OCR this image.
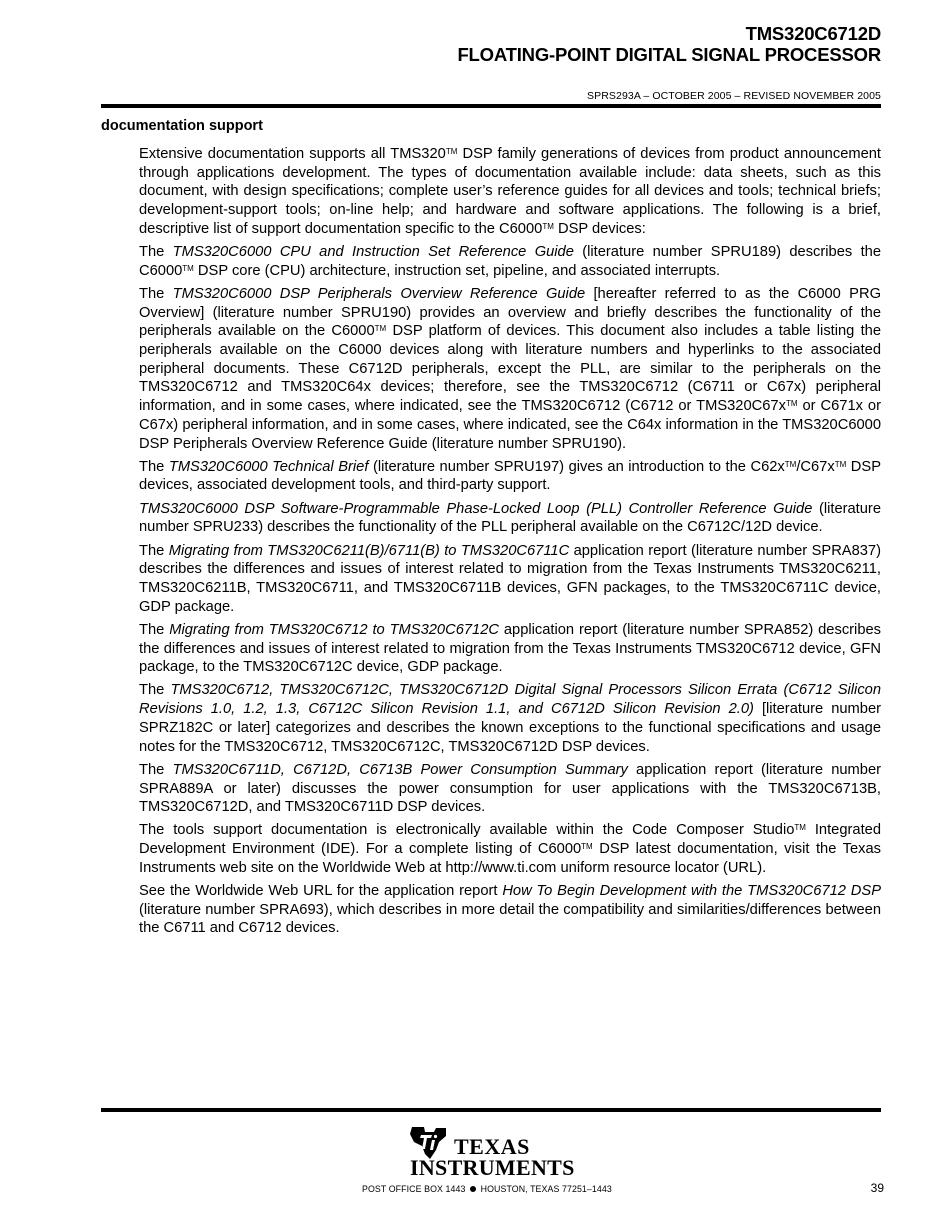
TMS320C6712D
FLOATING-POINT DIGITAL SIGNAL PROCESSOR
SPRS293A – OCTOBER 2005 – REVISED NOVEMBER 2005
documentation support

Extensive documentation supports all TMS320™ DSP family generations of devices from product announcement through applications development. The types of documentation available include: data sheets, such as this document, with design specifications; complete user’s reference guides for all devices and tools; technical briefs; development-support tools; on-line help; and hardware and software applications. The following is a brief, descriptive list of support documentation specific to the C6000™ DSP devices:

The TMS320C6000 CPU and Instruction Set Reference Guide (literature number SPRU189) describes the C6000™ DSP core (CPU) architecture, instruction set, pipeline, and associated interrupts.

The TMS320C6000 DSP Peripherals Overview Reference Guide [hereafter referred to as the C6000 PRG Overview] (literature number SPRU190) provides an overview and briefly describes the functionality of the peripherals available on the C6000™ DSP platform of devices. This document also includes a table listing the peripherals available on the C6000 devices along with literature numbers and hyperlinks to the associated peripheral documents. These C6712D peripherals, except the PLL, are similar to the peripherals on the TMS320C6712 and TMS320C64x devices; therefore, see the TMS320C6712 (C6711 or C67x) peripheral information, and in some cases, where indicated, see the TMS320C6712 (C6712 or TMS320C67x™ or C671x or C67x) peripheral information, and in some cases, where indicated, see the C64x information in the TMS320C6000 DSP Peripherals Overview Reference Guide (literature number SPRU190).

The TMS320C6000 Technical Brief (literature number SPRU197) gives an introduction to the C62x™/C67x™ DSP devices, associated development tools, and third-party support.

TMS320C6000 DSP Software-Programmable Phase-Locked Loop (PLL) Controller Reference Guide (literature number SPRU233) describes the functionality of the PLL peripheral available on the C6712C/12D device.

The Migrating from TMS320C6211(B)/6711(B) to TMS320C6711C application report (literature number SPRA837) describes the differences and issues of interest related to migration from the Texas Instruments TMS320C6211, TMS320C6211B, TMS320C6711, and TMS320C6711B devices, GFN packages, to the TMS320C6711C device, GDP package.

The Migrating from TMS320C6712 to TMS320C6712C application report (literature number SPRA852) describes the differences and issues of interest related to migration from the Texas Instruments TMS320C6712 device, GFN package, to the TMS320C6712C device, GDP package.

The TMS320C6712, TMS320C6712C, TMS320C6712D Digital Signal Processors Silicon Errata (C6712 Silicon Revisions 1.0, 1.2, 1.3, C6712C Silicon Revision 1.1, and C6712D Silicon Revision 2.0) [literature number SPRZ182C or later] categorizes and describes the known exceptions to the functional specifications and usage notes for the TMS320C6712, TMS320C6712C, TMS320C6712D DSP devices.

The TMS320C6711D, C6712D, C6713B Power Consumption Summary application report (literature number SPRA889A or later) discusses the power consumption for user applications with the TMS320C6713B, TMS320C6712D, and TMS320C6711D DSP devices.

The tools support documentation is electronically available within the Code Composer Studio™ Integrated Development Environment (IDE). For a complete listing of C6000™ DSP latest documentation, visit the Texas Instruments web site on the Worldwide Web at http://www.ti.com uniform resource locator (URL).

See the Worldwide Web URL for the application report How To Begin Development with the TMS320C6712 DSP (literature number SPRA693), which describes in more detail the compatibility and similarities/differences between the C6711 and C6712 devices.

TEXAS
INSTRUMENTS
POST OFFICE BOX 1443 HOUSTON, TEXAS 77251–1443	39
